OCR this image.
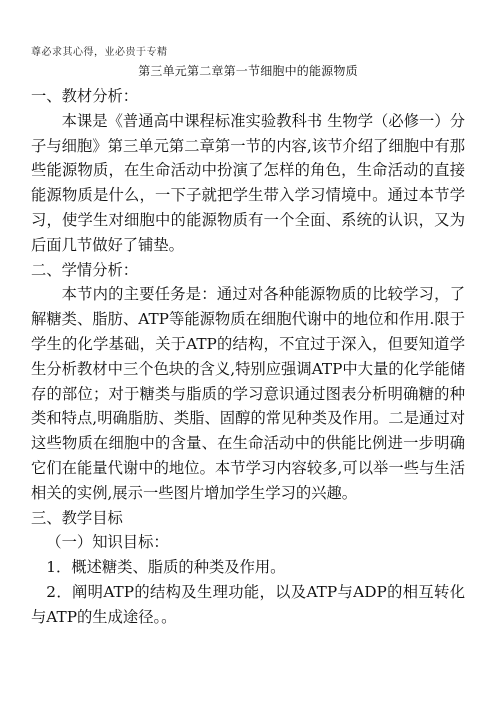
尊必求其心得，业必贵于专精
第三单元第二章第一节细胞中的能源物质

一、教材分析：

本课是《普通高中课程标准实验教科书 生物学（必修一）分子与细胞》第三单元第二章第一节的内容,该节介绍了细胞中有那些能源物质，在生命活动中扮演了怎样的角色，生命活动的直接能源物质是什么，一下子就把学生带入学习情境中。通过本节学习，使学生对细胞中的能源物质有一个全面、系统的认识，又为后面几节做好了铺垫。

二、学情分析：

本节内的主要任务是：通过对各种能源物质的比较学习，了解糖类、脂肪、ATP等能源物质在细胞代谢中的地位和作用.限于学生的化学基础，关于ATP的结构，不宜过于深入，但要知道学生分析教材中三个色块的含义,特别应强调ATP中大量的化学能储存的部位；对于糖类与脂质的学习意识通过图表分析明确糖的种类和特点,明确脂肪、类脂、固醇的常见种类及作用。二是通过对这些物质在细胞中的含量、在生命活动中的供能比例进一步明确它们在能量代谢中的地位。本节学习内容较多,可以举一些与生活相关的实例,展示一些图片增加学生学习的兴趣。

三、教学目标

（一）知识目标：

1．概述糖类、脂质的种类及作用。

2．阐明ATP的结构及生理功能，以及ATP与ADP的相互转化与ATP的生成途径。。
